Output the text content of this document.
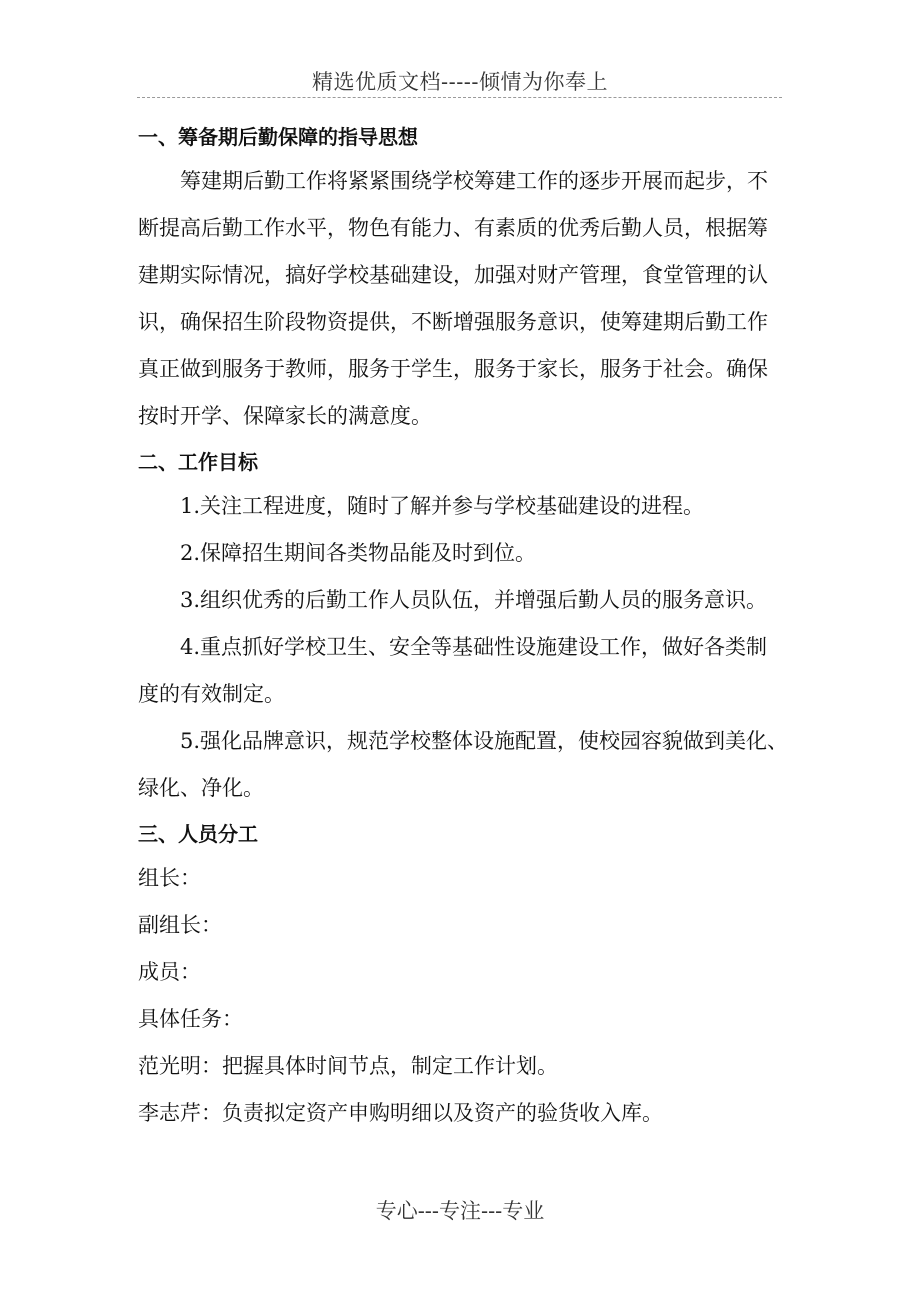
精选优质文档-----倾情为你奉上
一、筹备期后勤保障的指导思想
筹建期后勤工作将紧紧围绕学校筹建工作的逐步开展而起步，不
断提高后勤工作水平，物色有能力、有素质的优秀后勤人员，根据筹
建期实际情况，搞好学校基础建设，加强对财产管理，食堂管理的认
识，确保招生阶段物资提供，不断增强服务意识，使筹建期后勤工作
真正做到服务于教师，服务于学生，服务于家长，服务于社会。确保
按时开学、保障家长的满意度。
二、工作目标
1.关注工程进度，随时了解并参与学校基础建设的进程。
2.保障招生期间各类物品能及时到位。
3.组织优秀的后勤工作人员队伍，并增强后勤人员的服务意识。
4.重点抓好学校卫生、安全等基础性设施建设工作，做好各类制
度的有效制定。
5.强化品牌意识，规范学校整体设施配置，使校园容貌做到美化、
绿化、净化。
三、人员分工
组长：
副组长：
成员：
具体任务：
范光明：把握具体时间节点，制定工作计划。
李志芹：负责拟定资产申购明细以及资产的验货收入库。
专心---专注---专业
